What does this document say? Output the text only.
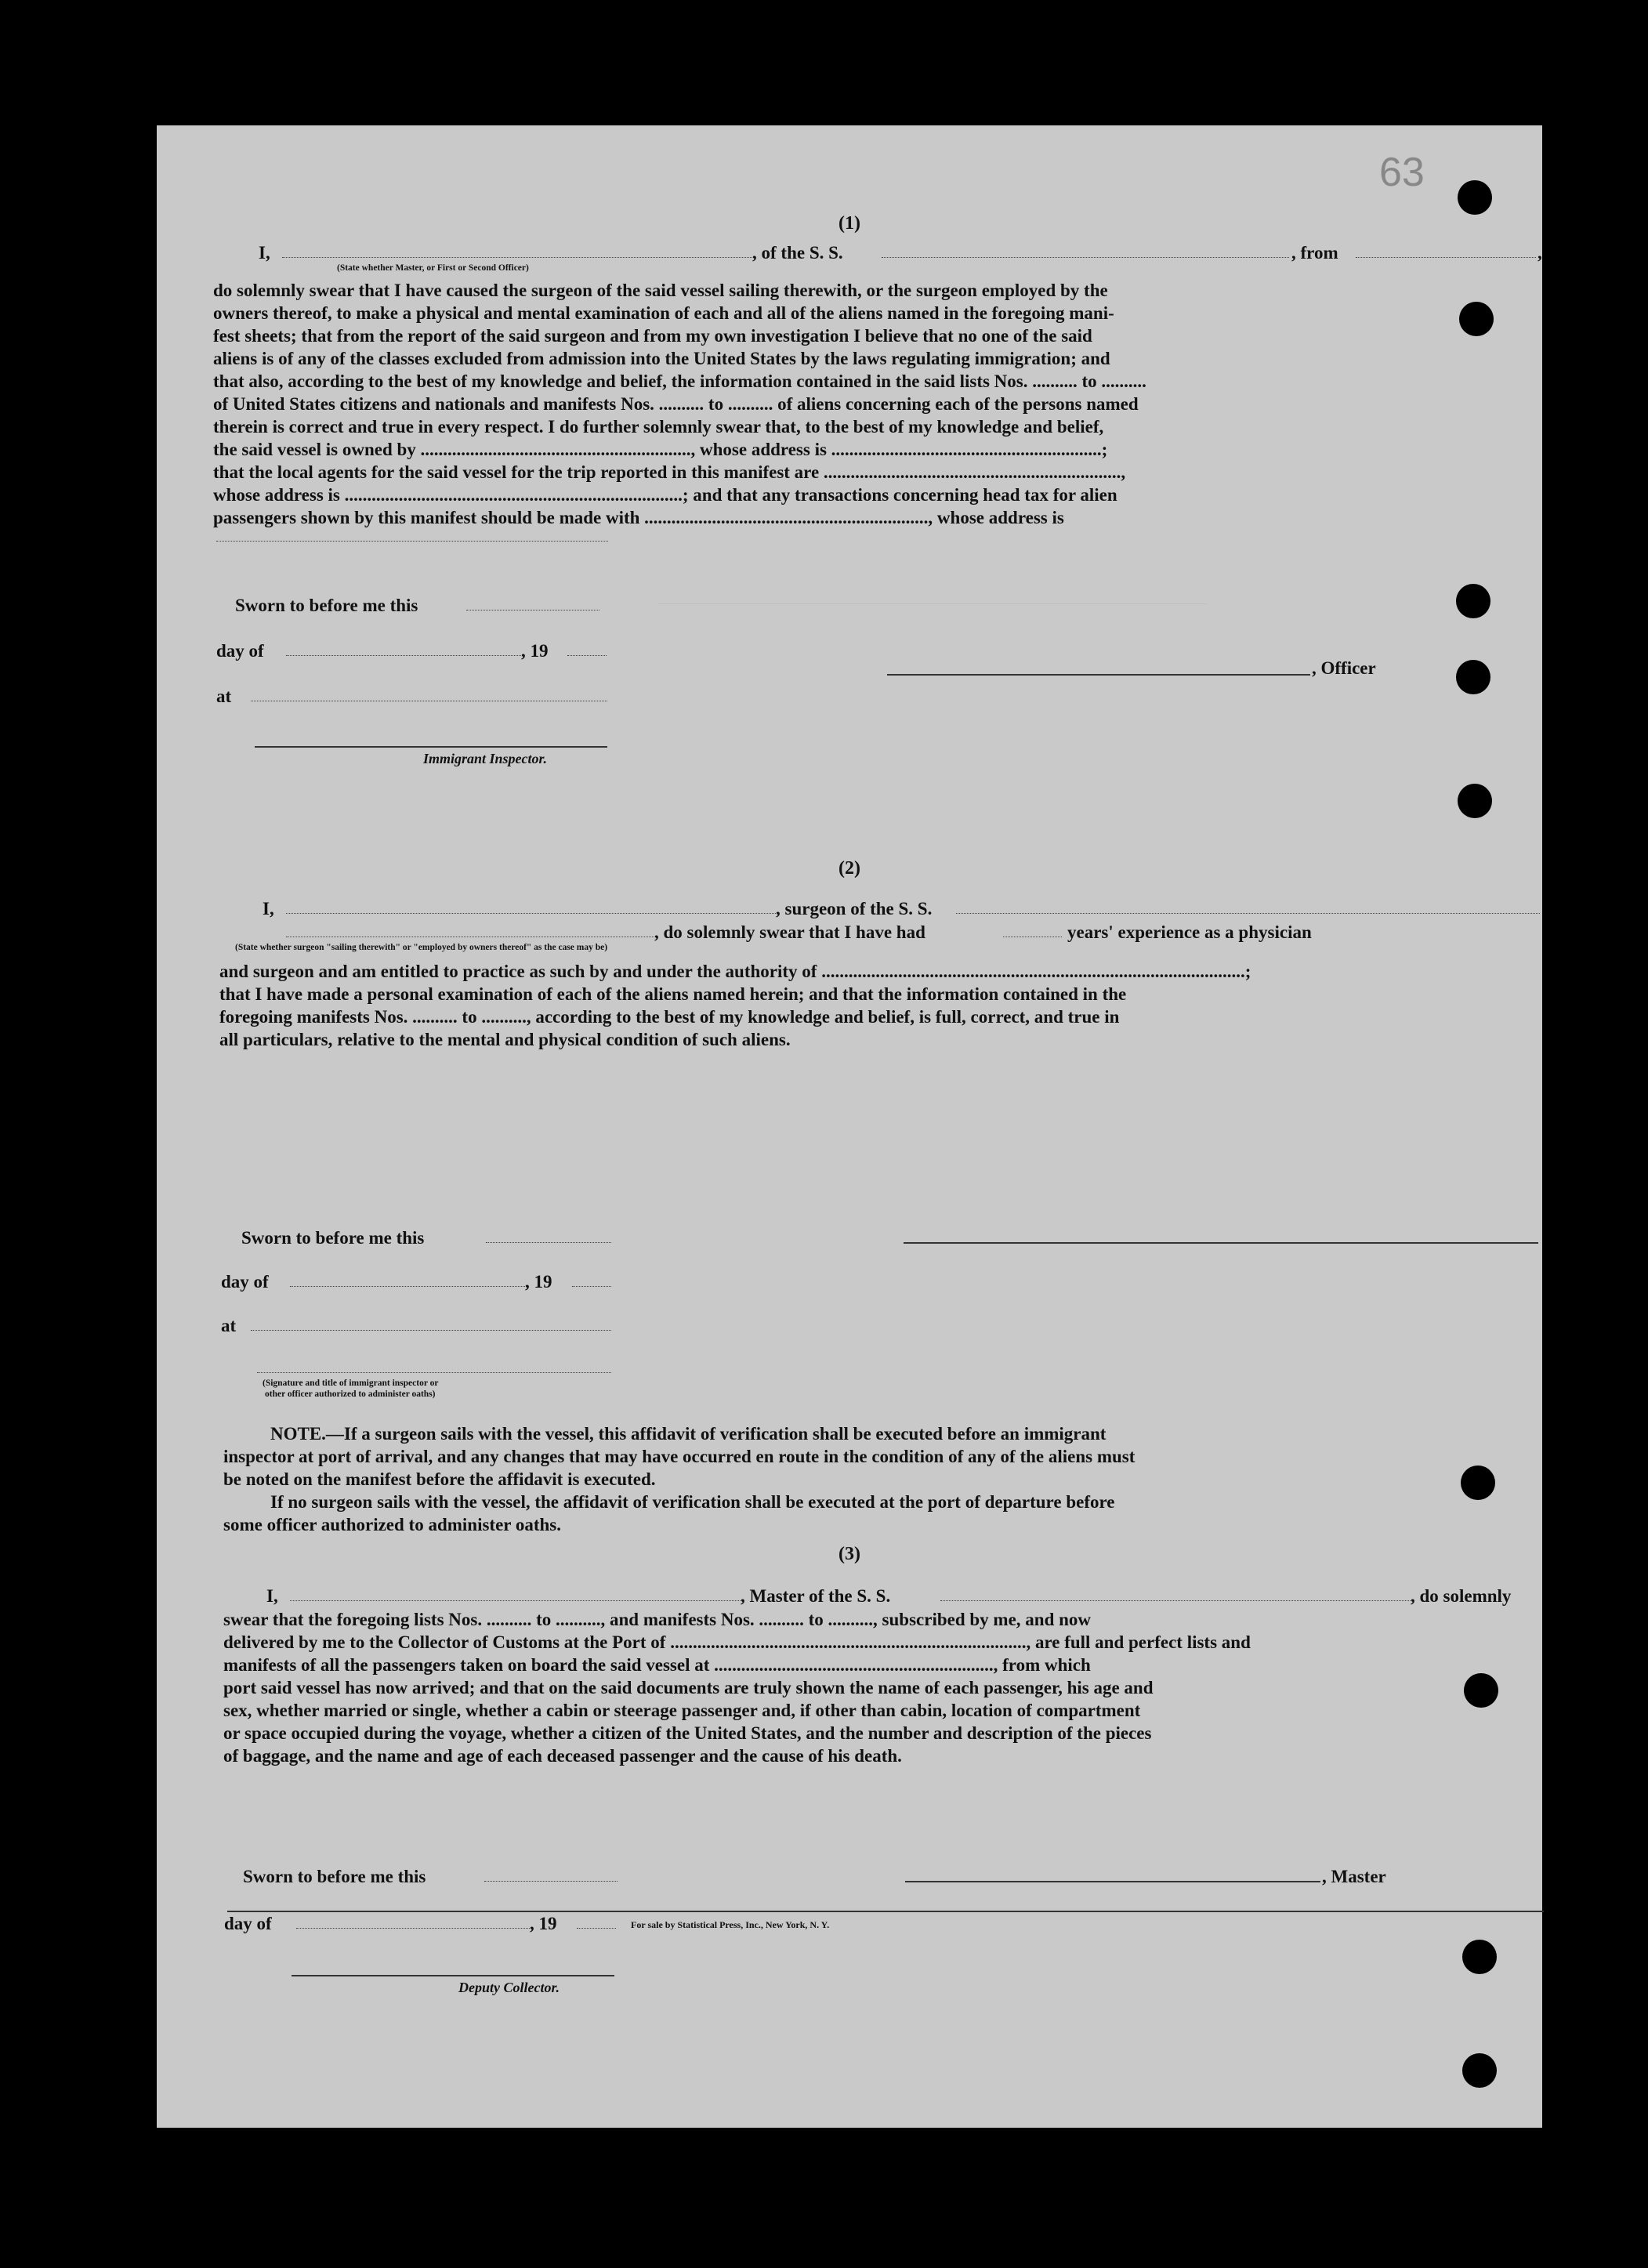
63
(1)
I,	, of the S. S.	, from	,
(State whether Master, or First or Second Officer)
do solemnly swear that I have caused the surgeon of the said vessel sailing therewith, or the surgeon employed by the
owners thereof, to make a physical and mental examination of each and all of the aliens named in the foregoing mani-
fest sheets; that from the report of the said surgeon and from my own investigation I believe that no one of the said
aliens is of any of the classes excluded from admission into the United States by the laws regulating immigration; and
that also, according to the best of my knowledge and belief, the information contained in the said lists Nos. .......... to ..........
of United States citizens and nationals and manifests Nos. .......... to .......... of aliens concerning each of the persons named
therein is correct and true in every respect. I do further solemnly swear that, to the best of my knowledge and belief,
the said vessel is owned by ............................................................, whose address is ............................................................;
that the local agents for the said vessel for the trip reported in this manifest are ..................................................................,
whose address is ...........................................................................; and that any transactions concerning head tax for alien
passengers shown by this manifest should be made with ..............................................................., whose address is
Sworn to before me this
day of	, 19
at
, Officer
Immigrant Inspector.
(2)
I,	, surgeon of the S. S.
, do solemnly swear that I have had	years' experience as a physician
(State whether surgeon "sailing therewith" or "employed by owners thereof" as the case may be)
and surgeon and am entitled to practice as such by and under the authority of ..............................................................................................;
that I have made a personal examination of each of the aliens named herein; and that the information contained in the
foregoing manifests Nos. .......... to .........., according to the best of my knowledge and belief, is full, correct, and true in
all particulars, relative to the mental and physical condition of such aliens.
Sworn to before me this
day of	, 19
at
(Signature and title of immigrant inspector or
other officer authorized to administer oaths)
NOTE.—If a surgeon sails with the vessel, this affidavit of verification shall be executed before an immigrant
inspector at port of arrival, and any changes that may have occurred en route in the condition of any of the aliens must
be noted on the manifest before the affidavit is executed.
If no surgeon sails with the vessel, the affidavit of verification shall be executed at the port of departure before
some officer authorized to administer oaths.
(3)
I,	, Master of the S. S.	, do solemnly
swear that the foregoing lists Nos. .......... to .........., and manifests Nos. .......... to .........., subscribed by me, and now
delivered by me to the Collector of Customs at the Port of ..............................................................................., are full and perfect lists and
manifests of all the passengers taken on board the said vessel at .............................................................., from which
port said vessel has now arrived; and that on the said documents are truly shown the name of each passenger, his age and
sex, whether married or single, whether a cabin or steerage passenger and, if other than cabin, location of compartment
or space occupied during the voyage, whether a citizen of the United States, and the number and description of the pieces
of baggage, and the name and age of each deceased passenger and the cause of his death.
Sworn to before me this	, Master
day of	, 19
Deputy Collector.
For sale by Statistical Press, Inc., New York, N. Y.
